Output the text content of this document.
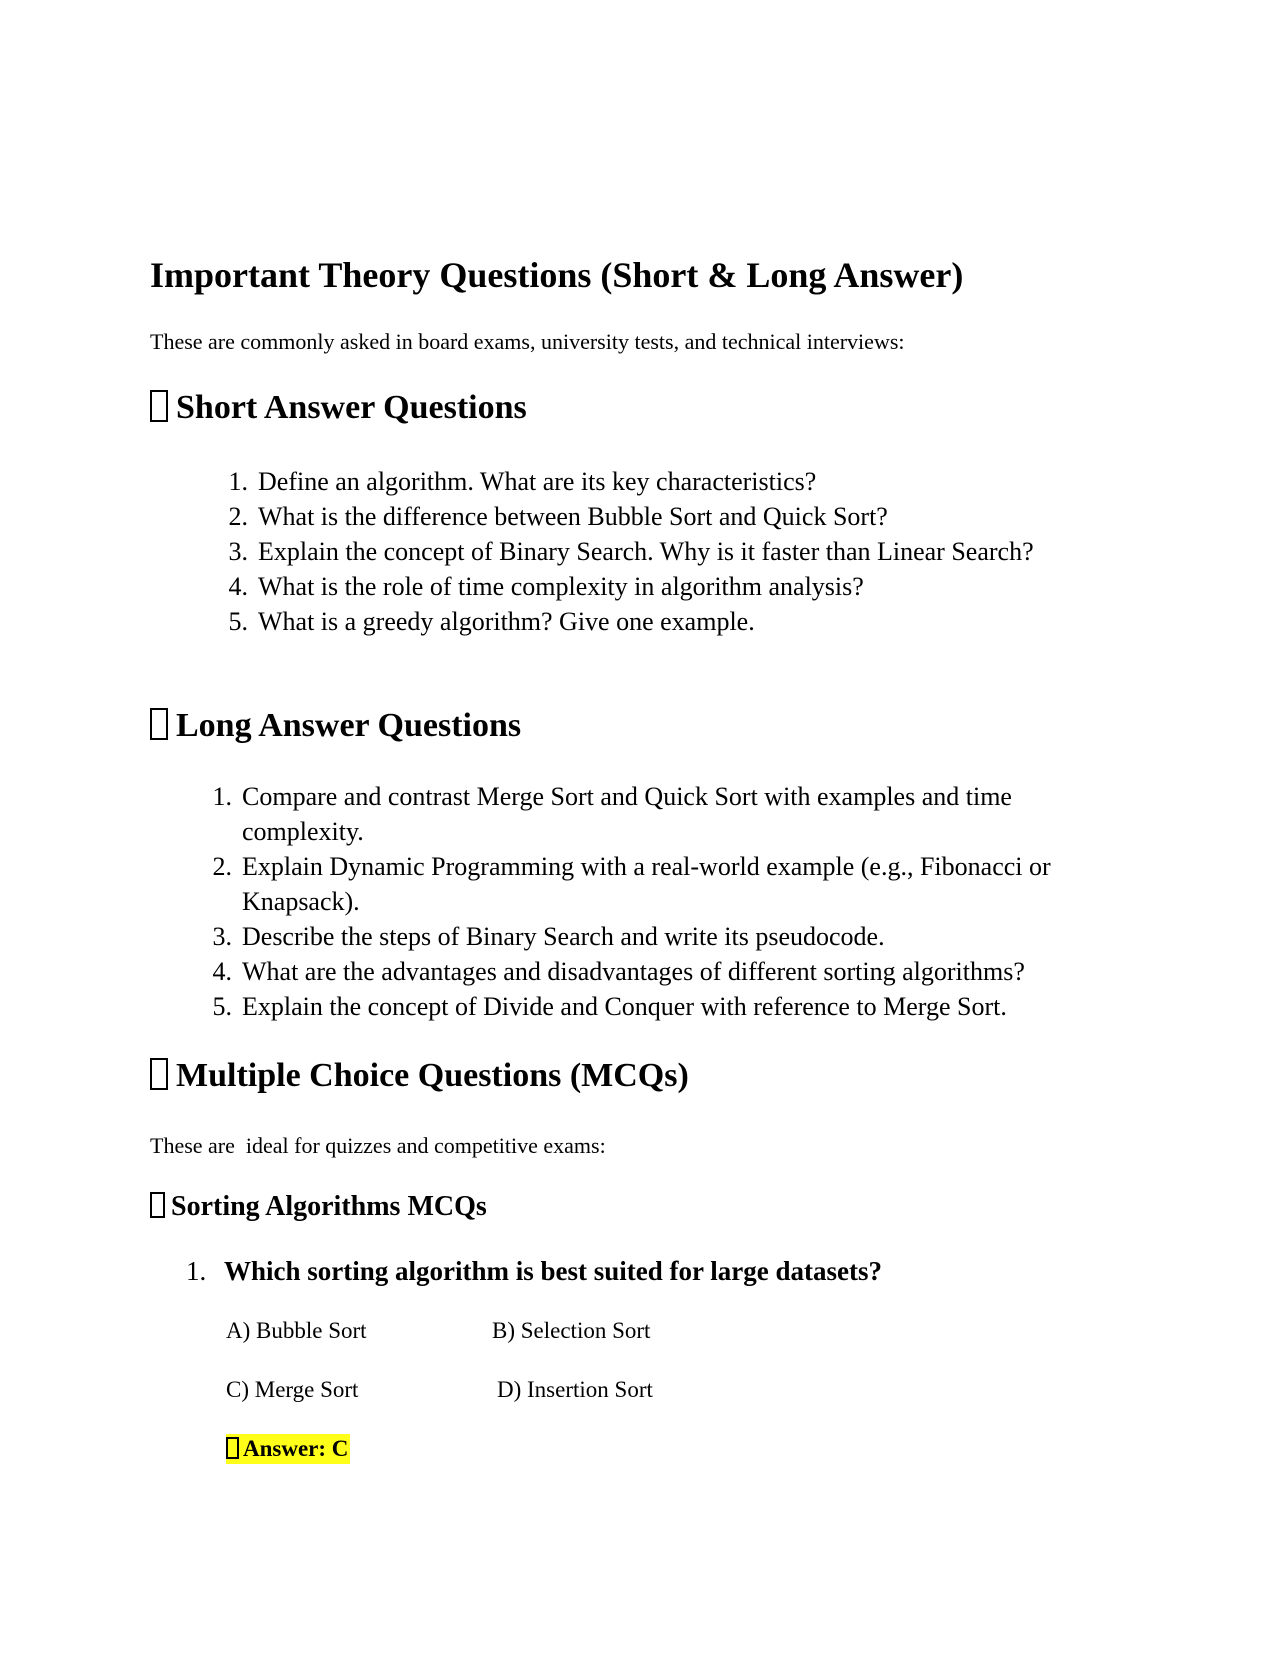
Important Theory Questions (Short & Long Answer)
These are commonly asked in board exams, university tests, and technical interviews:
Short Answer Questions
1. Define an algorithm. What are its key characteristics?
2. What is the difference between Bubble Sort and Quick Sort?
3. Explain the concept of Binary Search. Why is it faster than Linear Search?
4. What is the role of time complexity in algorithm analysis?
5. What is a greedy algorithm? Give one example.
Long Answer Questions
1. Compare and contrast Merge Sort and Quick Sort with examples and time complexity.
2. Explain Dynamic Programming with a real-world example (e.g., Fibonacci or Knapsack).
3. Describe the steps of Binary Search and write its pseudocode.
4. What are the advantages and disadvantages of different sorting algorithms?
5. Explain the concept of Divide and Conquer with reference to Merge Sort.
Multiple Choice Questions (MCQs)
These are  ideal for quizzes and competitive exams:
Sorting Algorithms MCQs
1. Which sorting algorithm is best suited for large datasets?
A) Bubble Sort	B) Selection Sort
C) Merge Sort	D) Insertion Sort
Answer: C
